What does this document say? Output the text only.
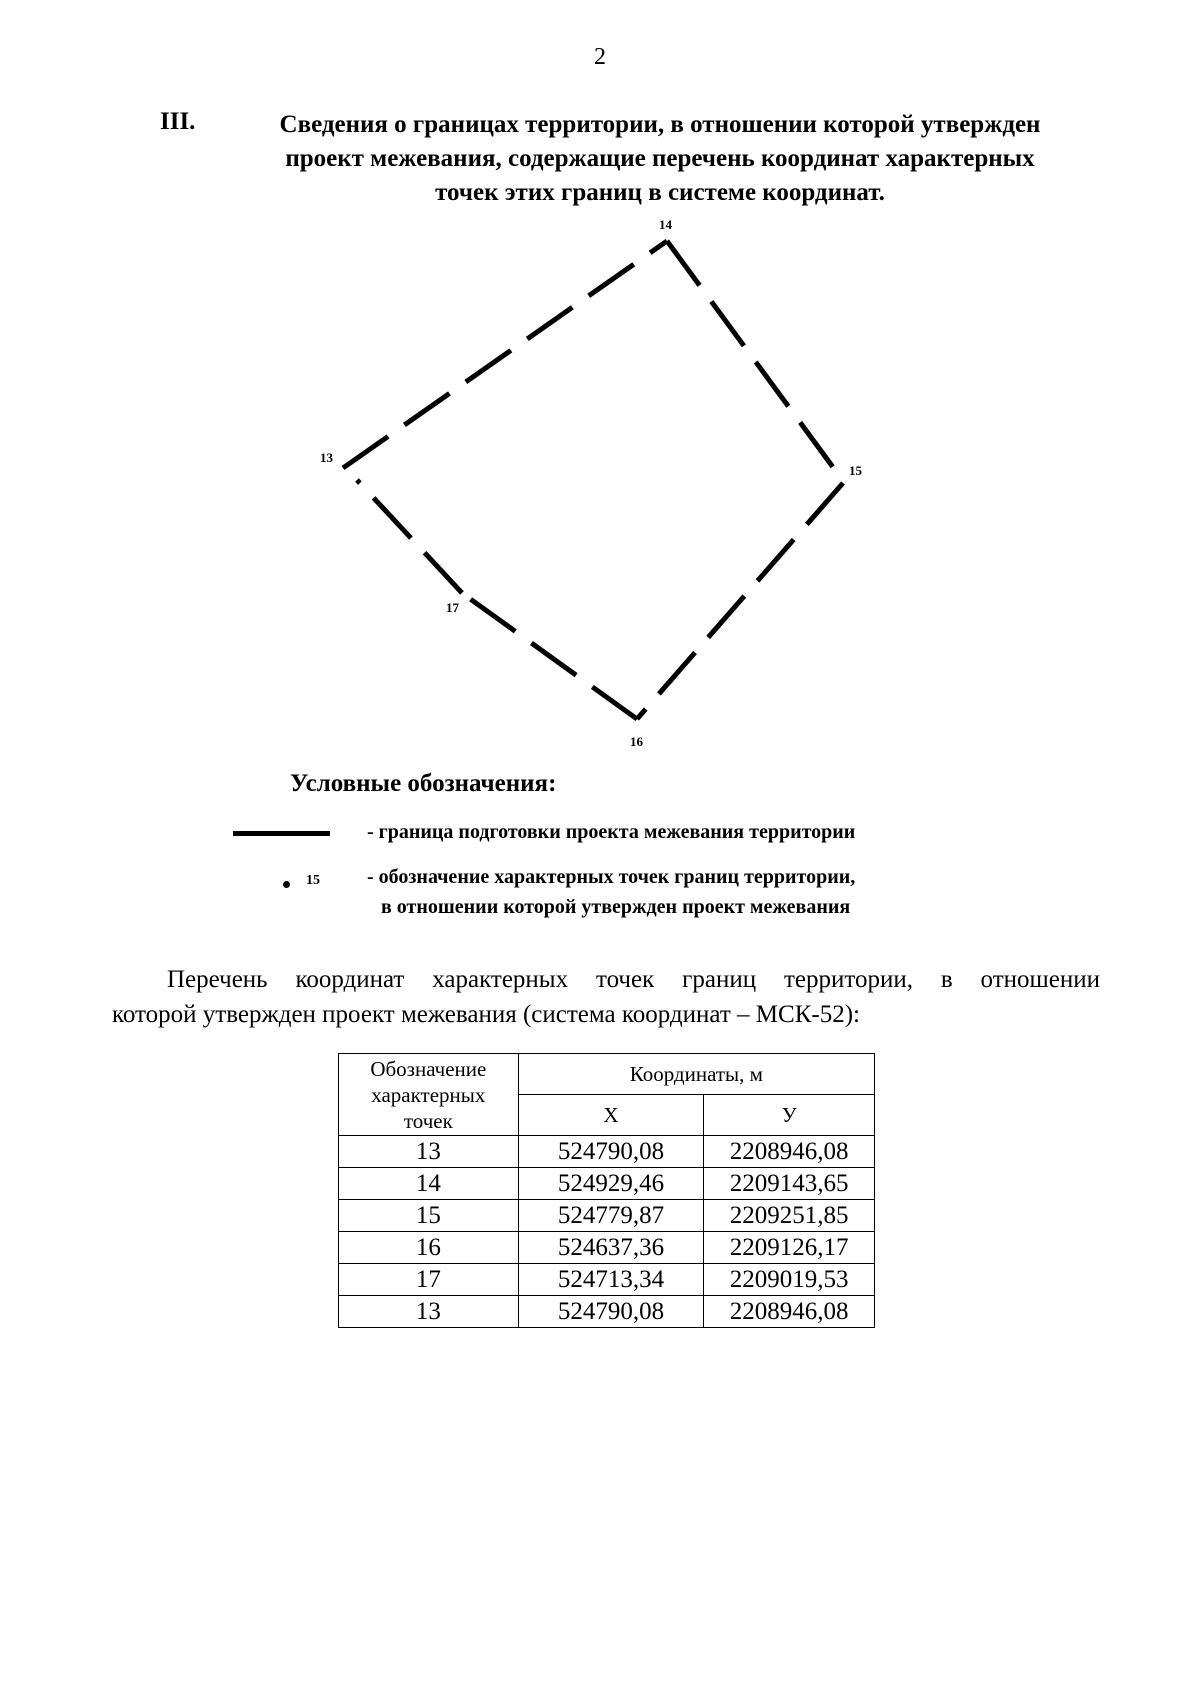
2
III.	Сведения о границах территории, в отношении которой утвержден
проект межевания, содержащие перечень координат характерных
точек этих границ в системе координат.
14
13
15
17
16
Условные обозначения:
- граница подготовки проекта межевания территории
15 - обозначение характерных точек границ территории,
в отношении которой утвержден проект межевания
Перечень координат характерных точек границ территории, в отношении
которой утвержден проект межевания (система координат – МСК-52):
Обозначение
характерных
точек	Координаты, м	
	Х	У
13	524790,08	2208946,08
14	524929,46	2209143,65
15	524779,87	2209251,85
16	524637,36	2209126,17
17	524713,34	2209019,53
13	524790,08	2208946,08
